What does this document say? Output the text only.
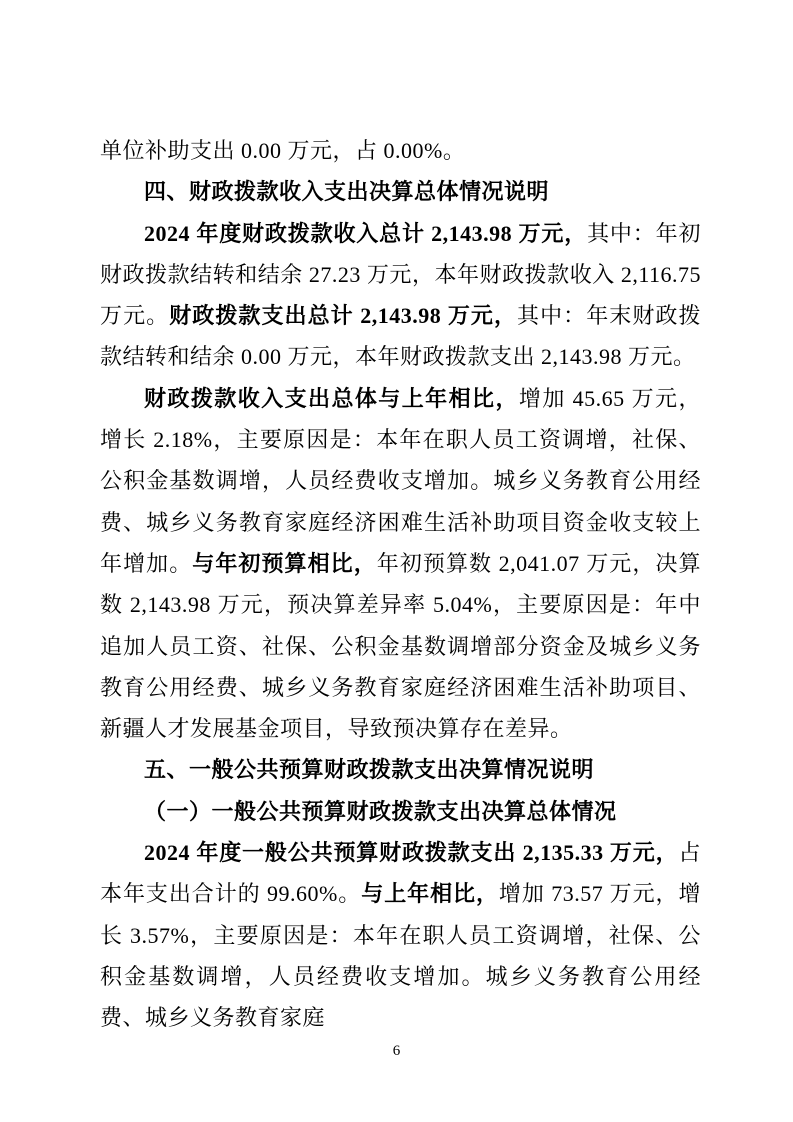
单位补助支出 0.00 万元，占 0.00%。

四、财政拨款收入支出决算总体情况说明

2024 年度财政拨款收入总计 2,143.98 万元，其中：年初财政拨款结转和结余 27.23 万元，本年财政拨款收入 2,116.75 万元。财政拨款支出总计 2,143.98 万元，其中：年末财政拨款结转和结余 0.00 万元，本年财政拨款支出 2,143.98 万元。

财政拨款收入支出总体与上年相比，增加 45.65 万元，增长 2.18%，主要原因是：本年在职人员工资调增，社保、公积金基数调增，人员经费收支增加。城乡义务教育公用经费、城乡义务教育家庭经济困难生活补助项目资金收支较上年增加。与年初预算相比，年初预算数 2,041.07 万元，决算数 2,143.98 万元，预决算差异率 5.04%，主要原因是：年中追加人员工资、社保、公积金基数调增部分资金及城乡义务教育公用经费、城乡义务教育家庭经济困难生活补助项目、新疆人才发展基金项目，导致预决算存在差异。

五、一般公共预算财政拨款支出决算情况说明

（一）一般公共预算财政拨款支出决算总体情况

2024 年度一般公共预算财政拨款支出 2,135.33 万元，占本年支出合计的 99.60%。与上年相比，增加 73.57 万元，增长 3.57%，主要原因是：本年在职人员工资调增，社保、公积金基数调增，人员经费收支增加。城乡义务教育公用经费、城乡义务教育家庭

6
